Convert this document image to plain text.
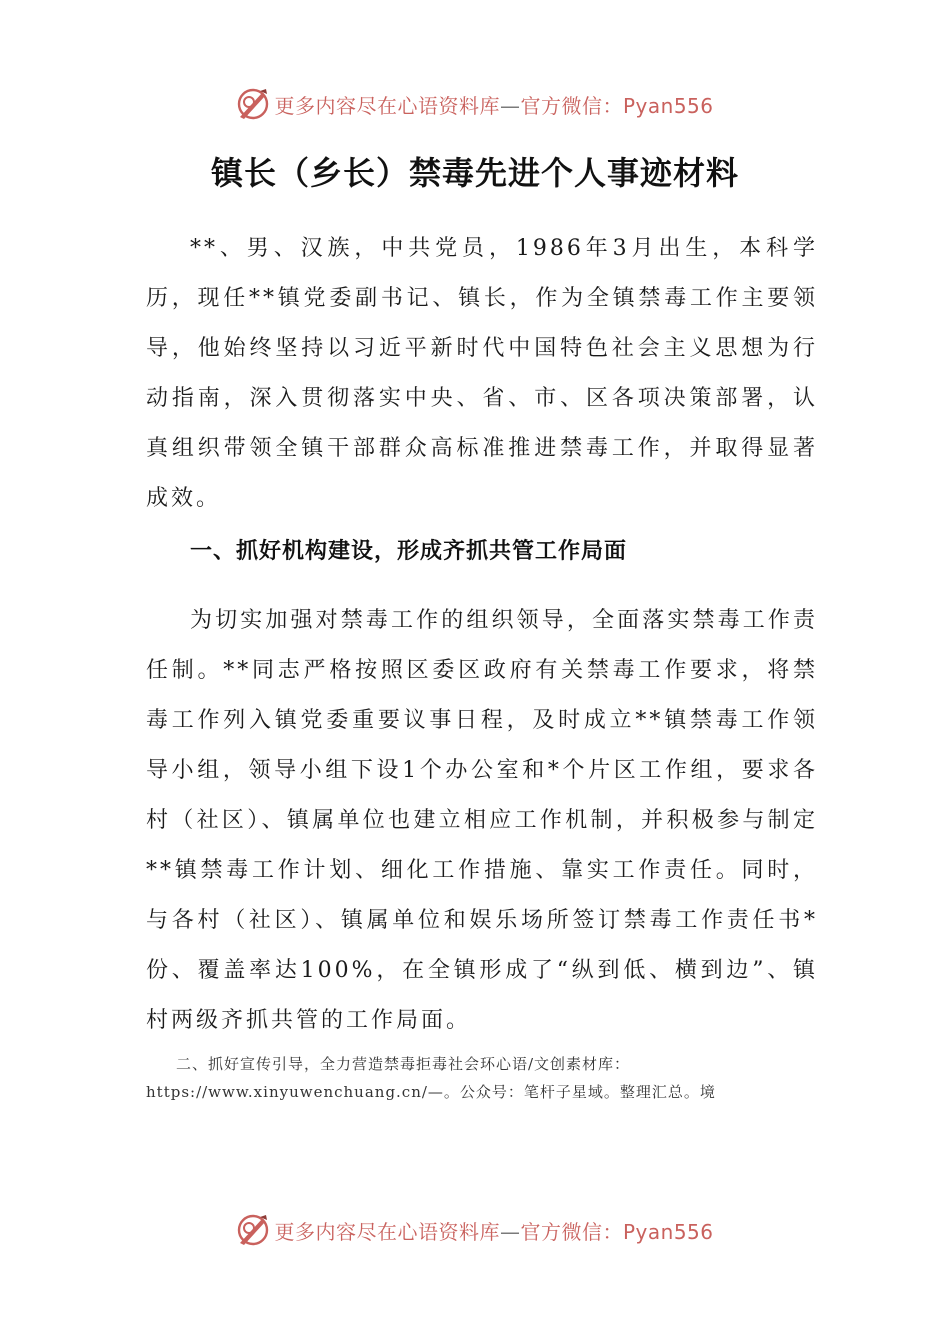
更多内容尽在心语资料库—官方微信：Pyan556
镇长（乡长）禁毒先进个人事迹材料

**、男、汉族，中共党员，1986年3月出生，本科学历，现任**镇党委副书记、镇长，作为全镇禁毒工作主要领导，他始终坚持以习近平新时代中国特色社会主义思想为行动指南，深入贯彻落实中央、省、市、区各项决策部署，认真组织带领全镇干部群众高标准推进禁毒工作，并取得显著成效。

一、抓好机构建设，形成齐抓共管工作局面

为切实加强对禁毒工作的组织领导，全面落实禁毒工作责任制。**同志严格按照区委区政府有关禁毒工作要求，将禁毒工作列入镇党委重要议事日程，及时成立**镇禁毒工作领导小组，领导小组下设1个办公室和*个片区工作组，要求各村（社区）、镇属单位也建立相应工作机制，并积极参与制定**镇禁毒工作计划、细化工作措施、靠实工作责任。同时，与各村（社区）、镇属单位和娱乐场所签订禁毒工作责任书*份、覆盖率达100%，在全镇形成了“纵到低、横到边”、镇村两级齐抓共管的工作局面。

二、抓好宣传引导，全力营造禁毒拒毒社会环心语/文创素材库：https://www.xinyuwenchuang.cn/—。公众号：笔杆子星域。整理汇总。境

更多内容尽在心语资料库—官方微信：Pyan556
